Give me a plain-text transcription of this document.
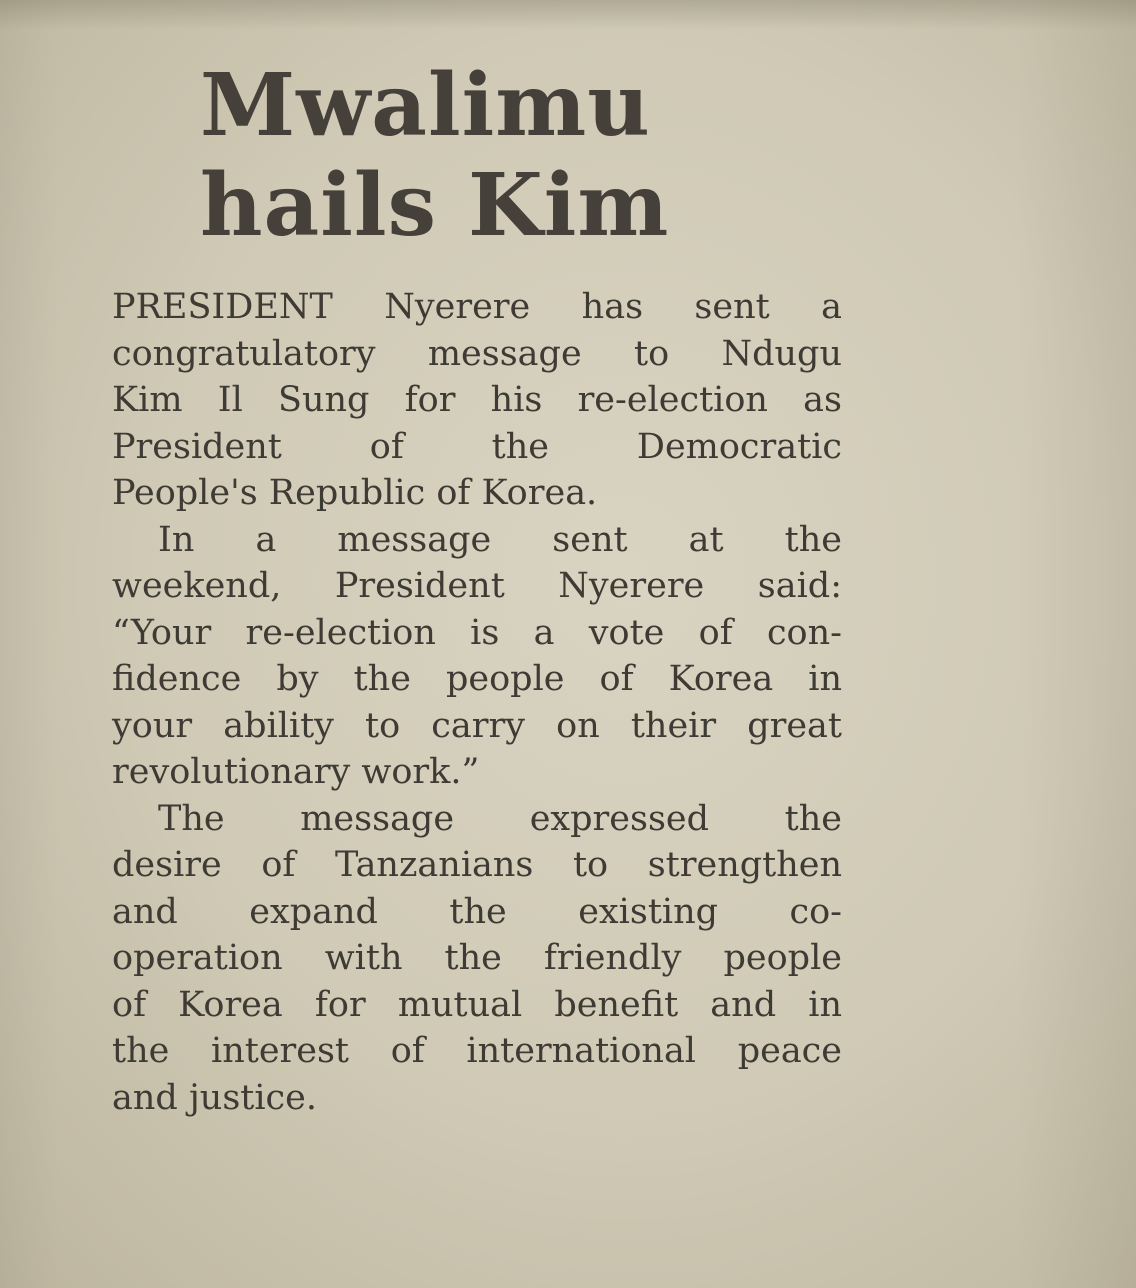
Mwalimu
hails Kim

PRESIDENT Nyerere has sent a
congratulatory message to Ndugu
Kim Il Sung for his re-election as
President of the Democratic
People's Republic of Korea.

In a message sent at the
weekend, President Nyerere said:
“Your re-election is a vote of con-
fidence by the people of Korea in
your ability to carry on their great
revolutionary work.”

The message expressed the
desire of Tanzanians to strengthen
and expand the existing co-
operation with the friendly people
of Korea for mutual benefit and in
the interest of international peace
and justice.
